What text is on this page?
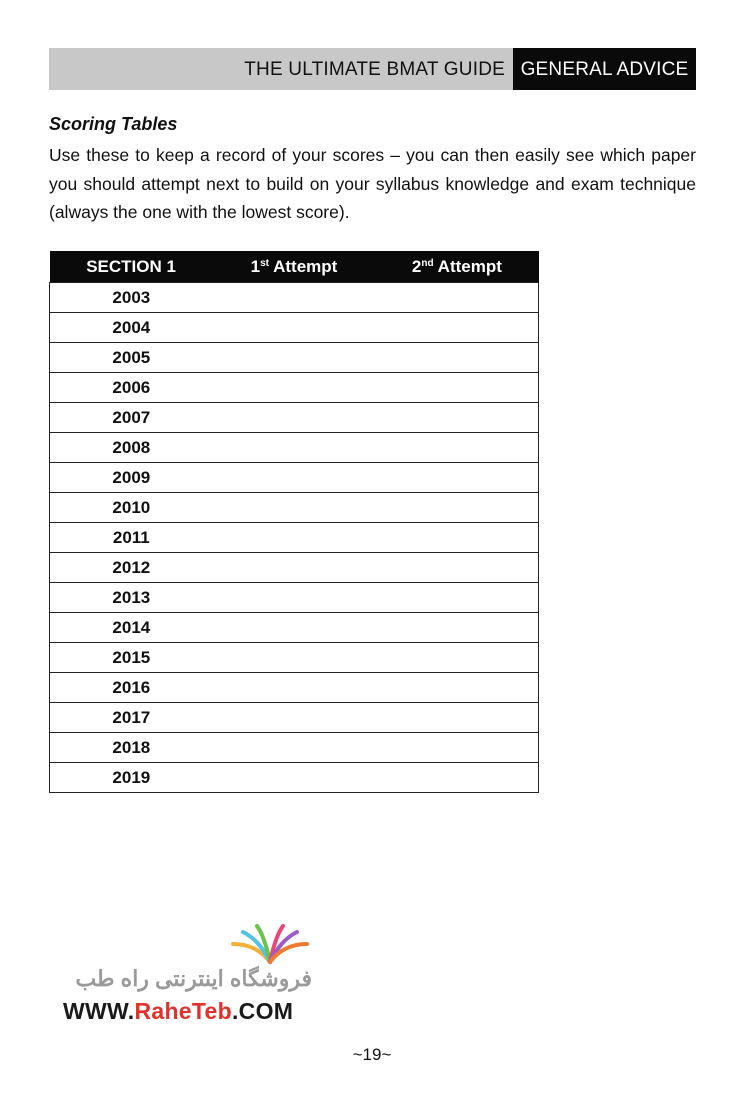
THE ULTIMATE BMAT GUIDE GENERAL ADVICE
Scoring Tables

Use these to keep a record of your scores – you can then easily see which paper you should attempt next to build on your syllabus knowledge and exam technique (always the one with the lowest score).

SECTION 1	1st Attempt	2nd Attempt
2003		
2004		
2005		
2006		
2007		
2008		
2009		
2010		
2011		
2012		
2013		
2014		
2015		
2016		
2017		
2018		
2019		
فروشگاه اینترنتی راه طب
WWW.RaheTeb.COM
~19~
